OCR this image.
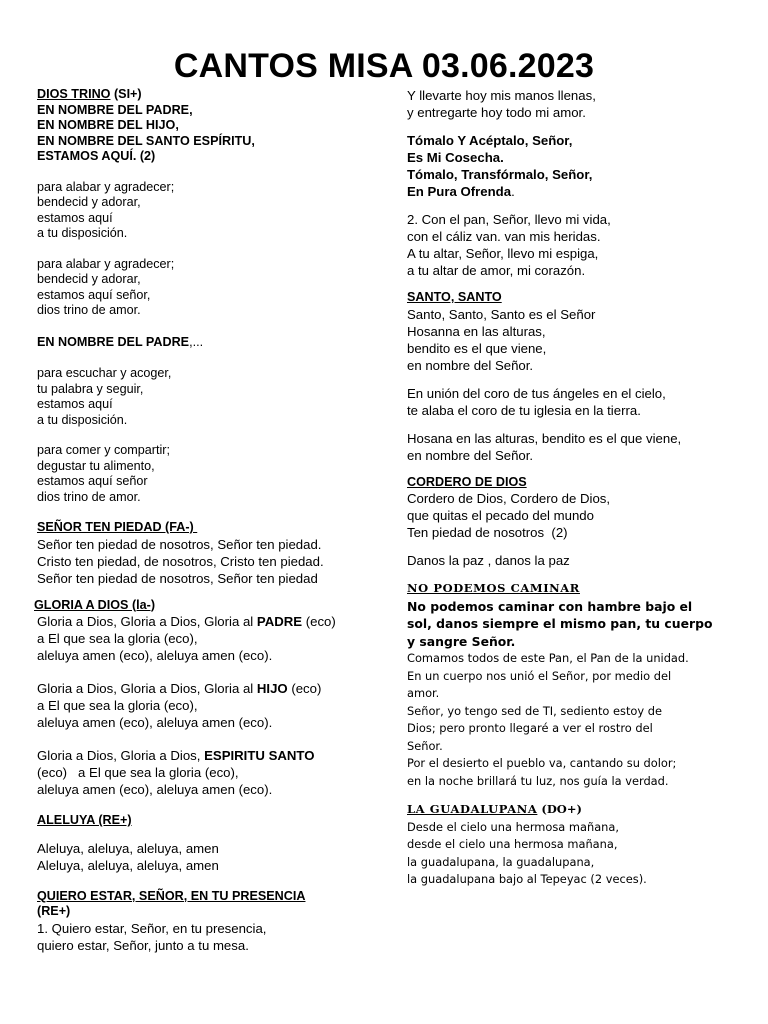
CANTOS MISA 03.06.2023
DIOS TRINO (SI+)
EN NOMBRE DEL PADRE,
EN NOMBRE DEL HIJO,
EN NOMBRE DEL SANTO ESPÍRITU,
ESTAMOS AQUÍ. (2)
para alabar y agradecer;
bendecid y adorar,
estamos aquí
a tu disposición.
para alabar y agradecer;
bendecid y adorar,
estamos aquí señor,
dios trino de amor.
EN NOMBRE DEL PADRE,...
para escuchar y acoger,
tu palabra y seguir,
estamos aquí
a tu disposición.
para comer y compartir;
degustar tu alimento,
estamos aquí señor
dios trino de amor.
SEÑOR TEN PIEDAD (FA-)
Señor ten piedad de nosotros, Señor ten piedad.
Cristo ten piedad, de nosotros, Cristo ten piedad.
Señor ten piedad de nosotros, Señor ten piedad
GLORIA A DIOS (la-)
Gloria a Dios, Gloria a Dios, Gloria al PADRE (eco)
a El que sea la gloria (eco),
aleluya amen (eco), aleluya amen (eco).
Gloria a Dios, Gloria a Dios, Gloria al HIJO (eco)
a El que sea la gloria (eco),
aleluya amen (eco), aleluya amen (eco).
Gloria a Dios, Gloria a Dios, ESPIRITU SANTO
(eco)   a El que sea la gloria (eco),
aleluya amen (eco), aleluya amen (eco).
ALELUYA (RE+)
Aleluya, aleluya, aleluya, amen
Aleluya, aleluya, aleluya, amen
QUIERO ESTAR, SEÑOR, EN TU PRESENCIA
(RE+)
1. Quiero estar, Señor, en tu presencia,
quiero estar, Señor, junto a tu mesa.
Y llevarte hoy mis manos llenas,
y entregarte hoy todo mi amor.
Tómalo Y Acéptalo, Señor,
Es Mi Cosecha.
Tómalo, Transfórmalo, Señor,
En Pura Ofrenda.
2. Con el pan, Señor, llevo mi vida,
con el cáliz van. van mis heridas.
A tu altar, Señor, llevo mi espiga,
a tu altar de amor, mi corazón.
SANTO, SANTO
Santo, Santo, Santo es el Señor
Hosanna en las alturas,
bendito es el que viene,
en nombre del Señor.
En unión del coro de tus ángeles en el cielo,
te alaba el coro de tu iglesia en la tierra.
Hosana en las alturas, bendito es el que viene,
en nombre del Señor.
CORDERO DE DIOS
Cordero de Dios, Cordero de Dios,
que quitas el pecado del mundo
Ten piedad de nosotros  (2)
Danos la paz , danos la paz
NO PODEMOS CAMINAR
No podemos caminar con hambre bajo el
sol, danos siempre el mismo pan, tu cuerpo
y sangre Señor.
Comamos todos de este Pan, el Pan de la unidad.
En un cuerpo nos unió el Señor, por medio del
amor.
Señor, yo tengo sed de TI, sediento estoy de
Dios; pero pronto llegaré a ver el rostro del
Señor.
Por el desierto el pueblo va, cantando su dolor;
en la noche brillará tu luz, nos guía la verdad.
LA GUADALUPANA (DO+)
Desde el cielo una hermosa mañana,
desde el cielo una hermosa mañana,
la guadalupana, la guadalupana,
la guadalupana bajo al Tepeyac (2 veces).
